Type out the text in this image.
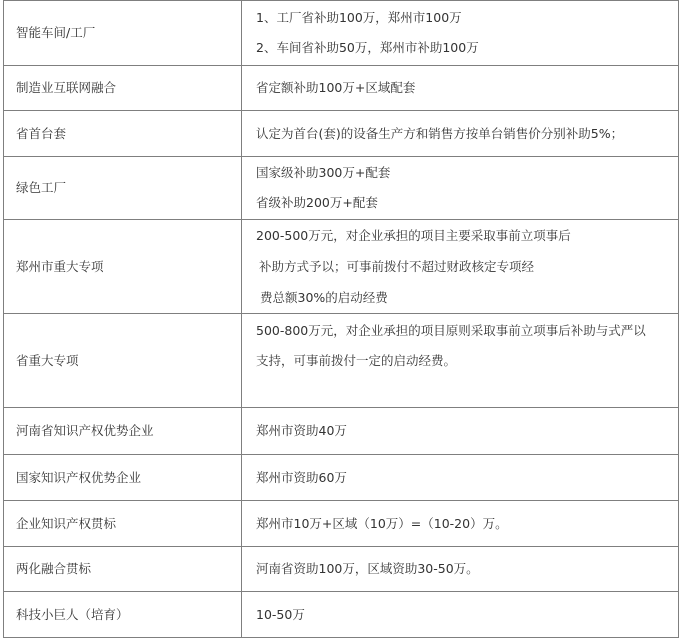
智能车间/工厂	1、工厂省补助100万，郑州市100万
2、车间省补助50万，郑州市补助100万

制造业互联网融合	省定额补助100万+区域配套

省首台套	认定为首台(套)的设备生产方和销售方按单台销售价分别补助5%；

绿色工厂	国家级补助300万+配套
省级补助200万+配套

郑州市重大专项	200-500万元，对企业承担的项目主要采取事前立项事后
补助方式予以；可事前拨付不超过财政核定专项经
费总额30%的启动经费

省重大专项	500-800万元，对企业承担的项目原则采取事前立项事后补助与式严以
支持，可事前拨付一定的启动经费。

河南省知识产权优势企业	郑州市资助40万

国家知识产权优势企业	郑州市资助60万

企业知识产权贯标	郑州市10万+区域（10万）=（10-20）万。

两化融合贯标	河南省资助100万，区域资助30-50万。

科技小巨人（培育）	10-50万
